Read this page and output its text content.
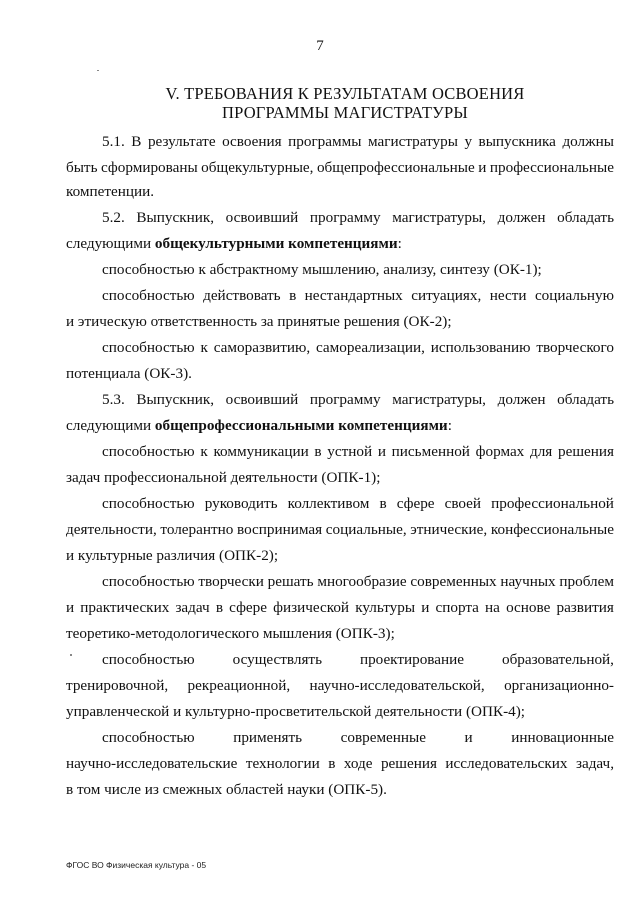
7
V. ТРЕБОВАНИЯ К РЕЗУЛЬТАТАМ ОСВОЕНИЯ
ПРОГРАММЫ МАГИСТРАТУРЫ
5.1. В результате освоения программы магистратуры у выпускника должны
быть сформированы общекультурные, общепрофессиональные и профессиональные
компетенции.
5.2. Выпускник, освоивший программу магистратуры, должен обладать
следующими общекультурными компетенциями:
способностью к абстрактному мышлению, анализу, синтезу (ОК-1);
способностью действовать в нестандартных ситуациях, нести социальную
и этическую ответственность за принятые решения (ОК-2);
способностью к саморазвитию, самореализации, использованию творческого
потенциала (ОК-3).
5.3. Выпускник, освоивший программу магистратуры, должен обладать
следующими общепрофессиональными компетенциями:
способностью к коммуникации в устной и письменной формах для решения
задач профессиональной деятельности (ОПК-1);
способностью руководить коллективом в сфере своей профессиональной
деятельности, толерантно воспринимая социальные, этнические, конфессиональные
и культурные различия (ОПК-2);
способностью творчески решать многообразие современных научных проблем
и практических задач в сфере физической культуры и спорта на основе развития
теоретико-методологического мышления (ОПК-3);
способностью осуществлять проектирование образовательной,
тренировочной, рекреационной, научно-исследовательской, организационно-
управленческой и культурно-просветительской деятельности (ОПК-4);
способностью	применять	современные	и	инновационные
научно-исследовательские технологии в ходе решения исследовательских задач,
в том числе из смежных областей науки (ОПК-5).
ФГОС ВО Физическая культура - 05
